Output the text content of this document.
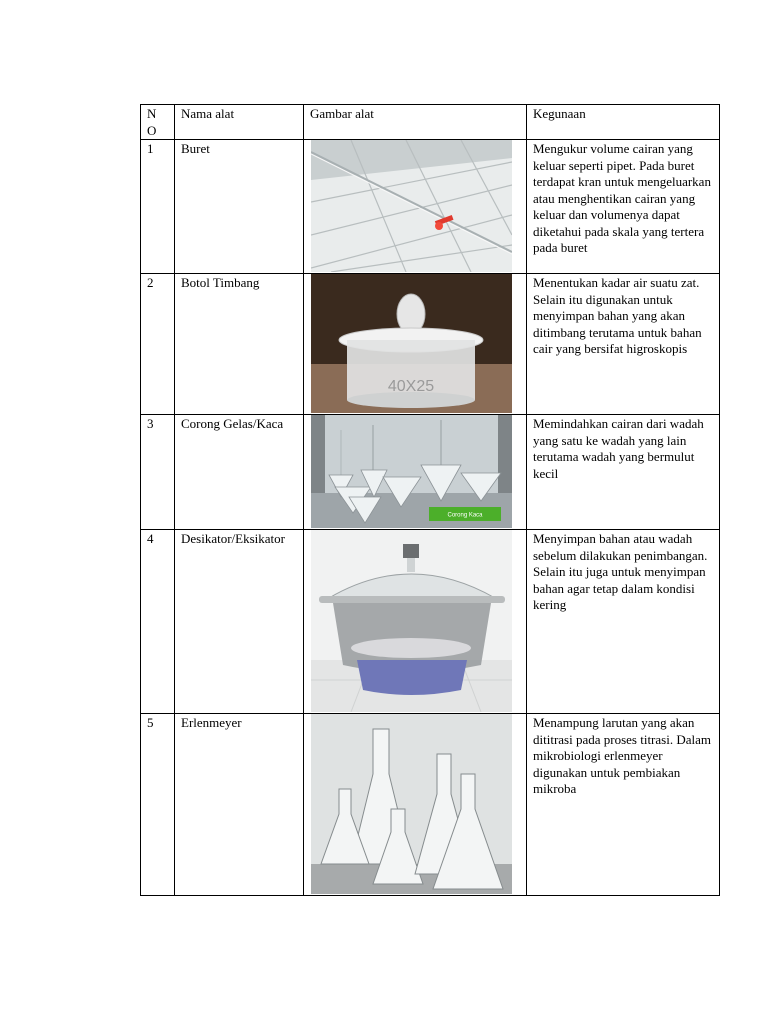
N
O	Nama alat	Gambar alat	Kegunaan
1	Buret		Mengukur volume cairan yang keluar seperti pipet. Pada buret terdapat kran untuk mengeluarkan atau menghentikan cairan yang keluar dan volumenya dapat diketahui pada skala yang tertera pada buret
2	Botol Timbang	40X25	Menentukan kadar air suatu zat. Selain itu digunakan untuk menyimpan bahan yang akan ditimbang terutama untuk bahan cair yang bersifat higroskopis
3	Corong Gelas/Kaca	Corong Kaca	Memindahkan cairan dari wadah yang satu ke wadah yang lain terutama wadah yang bermulut kecil
4	Desikator/Eksikator		Menyimpan bahan atau wadah sebelum dilakukan penimbangan. Selain itu juga untuk menyimpan bahan agar tetap dalam kondisi kering
5	Erlenmeyer		Menampung larutan yang akan dititrasi pada proses titrasi. Dalam mikrobiologi erlenmeyer digunakan untuk pembiakan mikroba
